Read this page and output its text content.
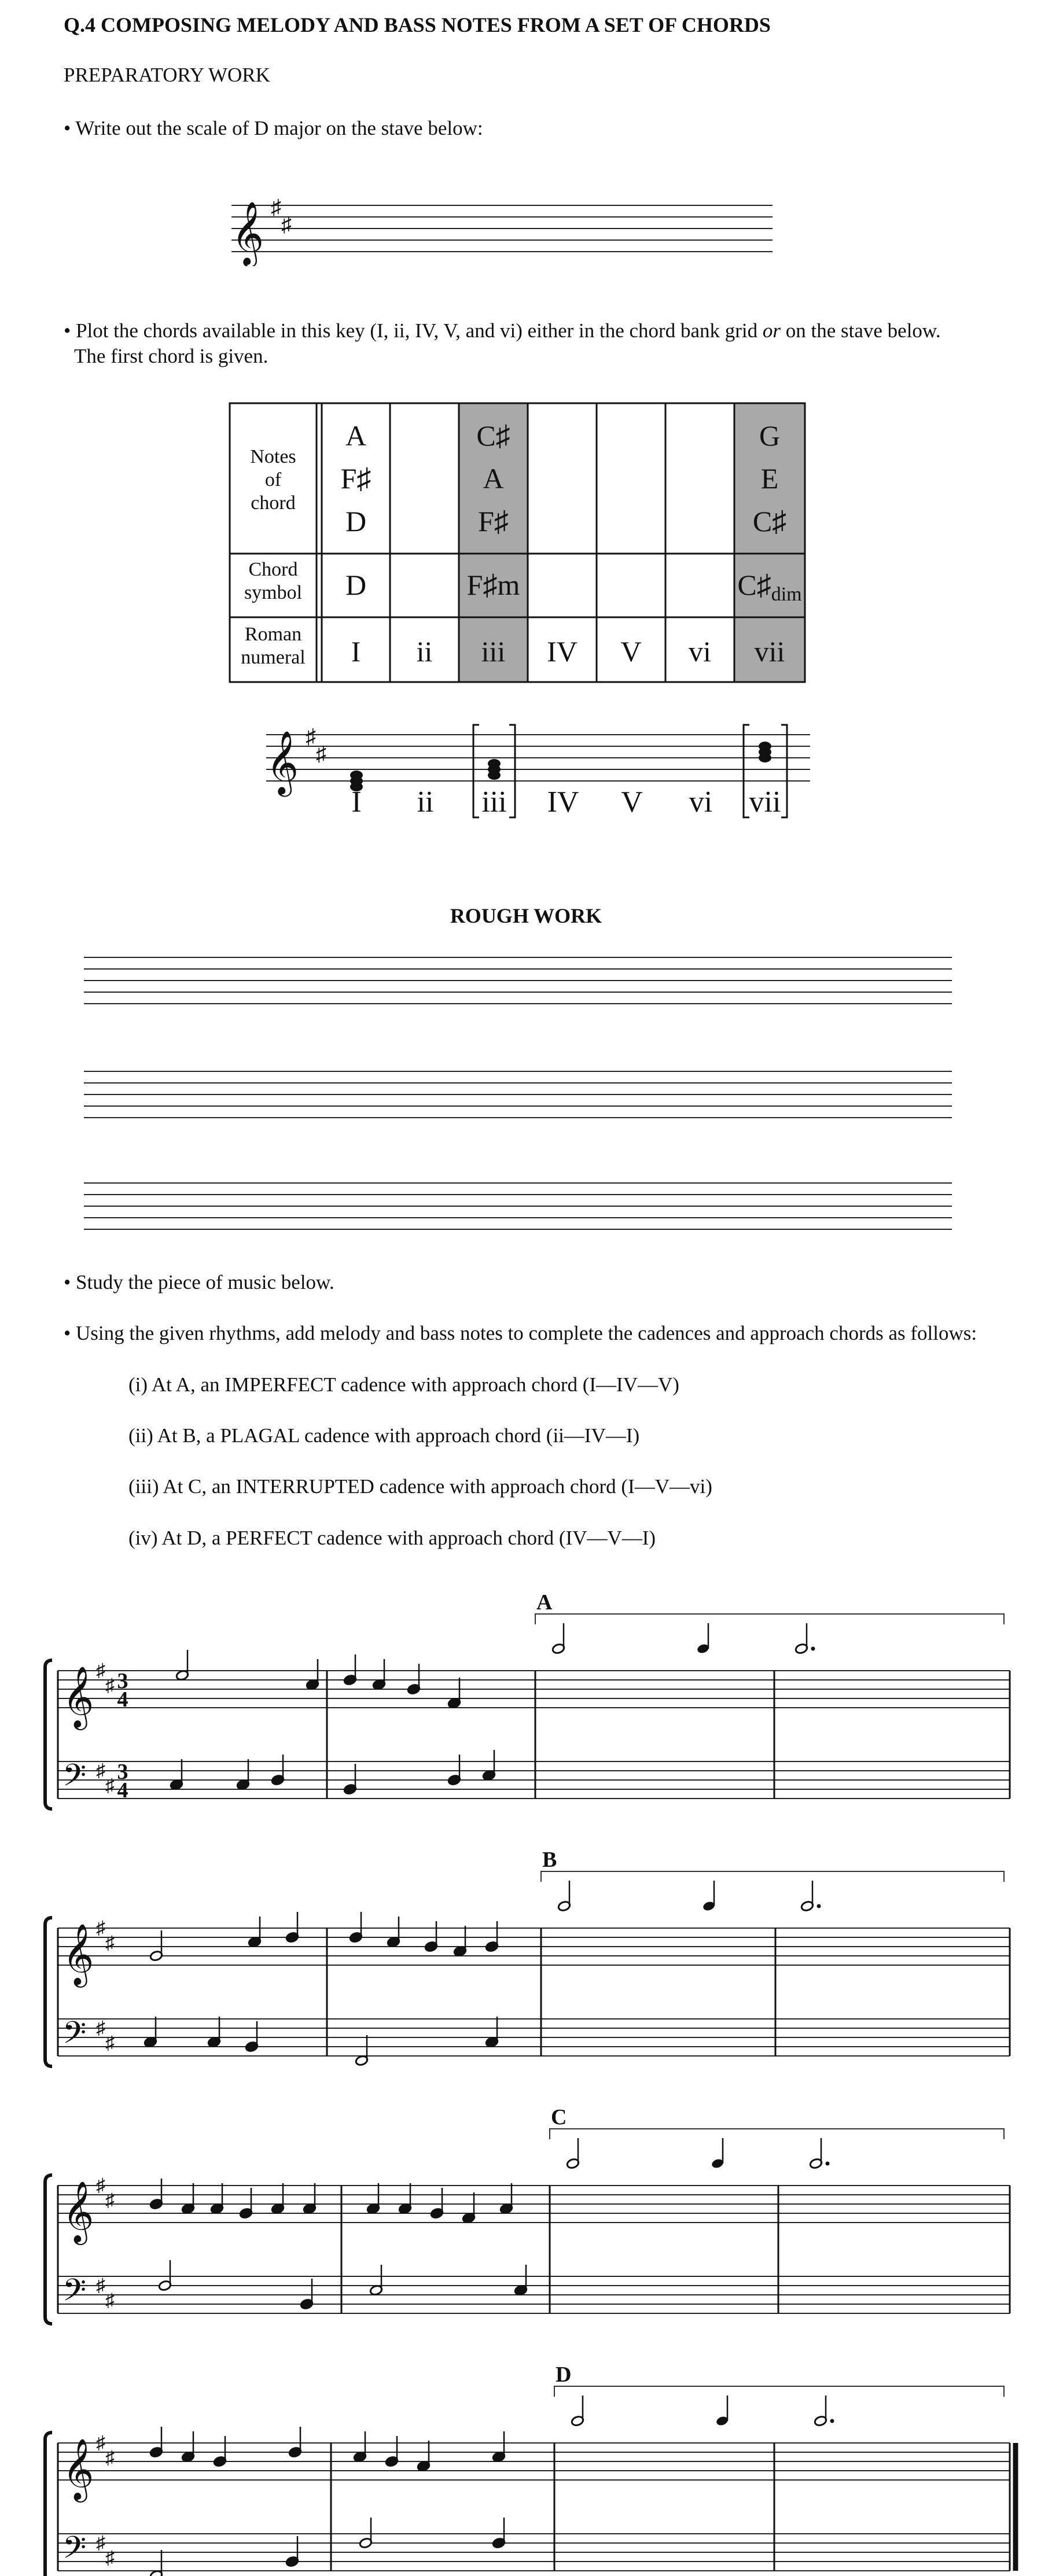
Q.4 COMPOSING MELODY AND BASS NOTES FROM A SET OF CHORDS
PREPARATORY WORK
• Write out the scale of D major on the stave below:
𝄞 ♯
♯
• Plot the chords available in this key (I, ii, IV, V, and vi) either in the chord bank grid or on the stave below.
The first chord is given.
Notes
of
chord
Chord
symbol
Roman
numeral
A
F♯
D
D
I ii
C♯
A
F♯
F♯m
iii IV V vi
G
E
C♯
$C♯_{dim}$
vii
𝄞 ♯
♯
I ii iii IV V vi vii
ROUGH WORK
• Study the piece of music below.
• Using the given rhythms, add melody and bass notes to complete the cadences and approach chords as follows:
(i) At A, an IMPERFECT cadence with approach chord (I—IV—V)
(ii) At B, a PLAGAL cadence with approach chord (ii—IV—I)
(iii) At C, an INTERRUPTED cadence with approach chord (I—V—vi)
(iv) At D, a PERFECT cadence with approach chord (IV—V—I)
𝄞
𝄢
♯
♯
♯
♯
3
4
3
4
A
𝄞
𝄢
♯
♯
♯
♯
B
𝄞
𝄢
♯
♯
♯
♯
C
𝄞
𝄢
♯
♯
♯
♯
D
